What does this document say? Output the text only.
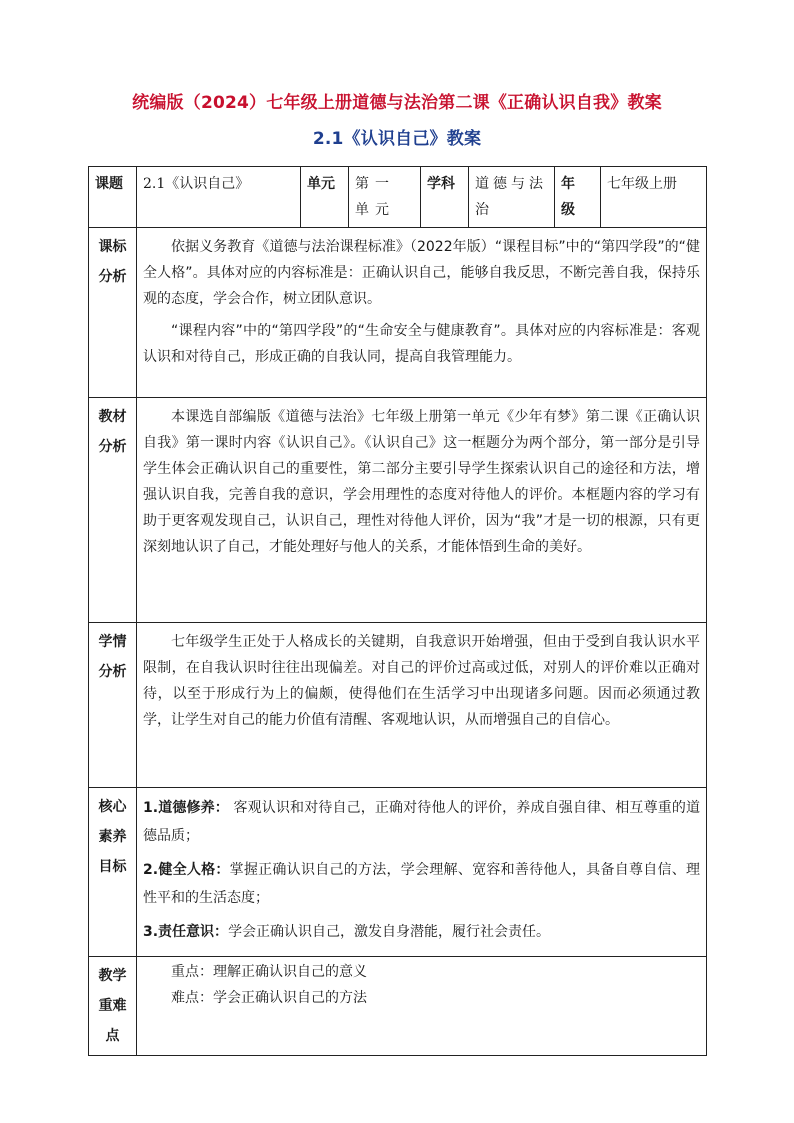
统编版（2024）七年级上册道德与法治第二课《正确认识自我》教案
2.1《认识自己》教案
课题	2.1《认识自己》	单元	第一单元	学科	道德与法治	年级	七年级上册
课标分析	依据义务教育《道德与法治课程标准》（2022年版）“课程目标”中的“第四学段”的“健全人格”。具体对应的内容标准是：正确认识自己，能够自我反思，不断完善自我，保持乐观的态度，学会合作，树立团队意识。

“课程内容”中的“第四学段”的“生命安全与健康教育”。具体对应的内容标准是：客观认识和对待自己，形成正确的自我认同，提高自我管理能力。						

教材分析	本课选自部编版《道德与法治》七年级上册第一单元《少年有梦》第二课《正确认识自我》第一课时内容《认识自己》。《认识自己》这一框题分为两个部分，第一部分是引导学生体会正确认识自己的重要性，第二部分主要引导学生探索认识自己的途径和方法，增强认识自我，完善自我的意识，学会用理性的态度对待他人的评价。本框题内容的学习有助于更客观发现自己，认识自己，理性对待他人评价，因为“我”才是一切的根源，只有更深刻地认识了自己，才能处理好与他人的关系，才能体悟到生命的美好。						

学情分析	七年级学生正处于人格成长的关键期，自我意识开始增强，但由于受到自我认识水平限制，在自我认识时往往出现偏差。对自己的评价过高或过低，对别人的评价难以正确对待，以至于形成行为上的偏颇，使得他们在生活学习中出现诸多问题。因而必须通过教学，让学生对自己的能力价值有清醒、客观地认识，从而增强自己的自信心。						

核心素养目标	1.道德修养： 客观认识和对待自己，正确对待他人的评价，养成自强自律、相互尊重的道德品质；

2.健全人格：掌握正确认识自己的方法，学会理解、宽容和善待他人，具备自尊自信、理性平和的生活态度；

3.责任意识：学会正确认识自己，激发自身潜能，履行社会责任。						

教学重难点	重点：理解正确认识自己的意义

难点：学会正确认识自己的方法						
